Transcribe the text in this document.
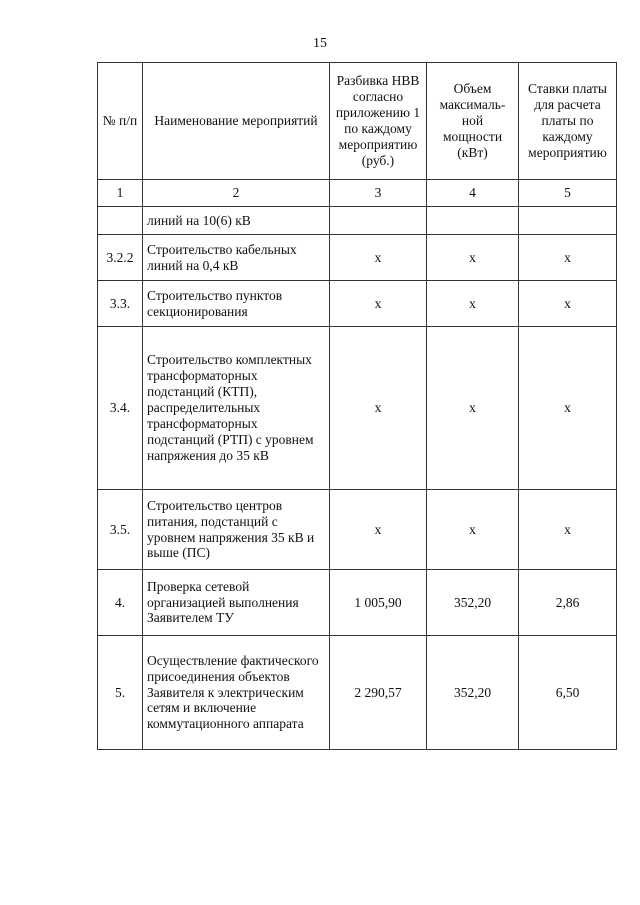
15
№ п/п	Наименование мероприятий	Разбивка НВВ согласно приложению 1 по каждому мероприятию (руб.)	Объем максималь-ной мощности (кВт)	Ставки платы для расчета платы по каждому мероприятию
1	2	3	4	5
	линий на 10(6) кВ			
3.2.2	Строительство кабельных линий на 0,4 кВ	x	x	x
3.3.	Строительство пунктов секционирования	x	x	x
3.4.	Строительство комплектных трансформаторных подстанций (КТП), распределительных трансформаторных подстанций (РТП) с уровнем напряжения до 35 кВ	x	x	x
3.5.	Строительство центров питания, подстанций с уровнем напряжения 35 кВ и выше (ПС)	x	x	x
4.	Проверка сетевой организацией выполнения Заявителем ТУ	1 005,90	352,20	2,86
5.	Осуществление фактического присоединения объектов Заявителя к электрическим сетям и включение коммутационного аппарата	2 290,57	352,20	6,50
